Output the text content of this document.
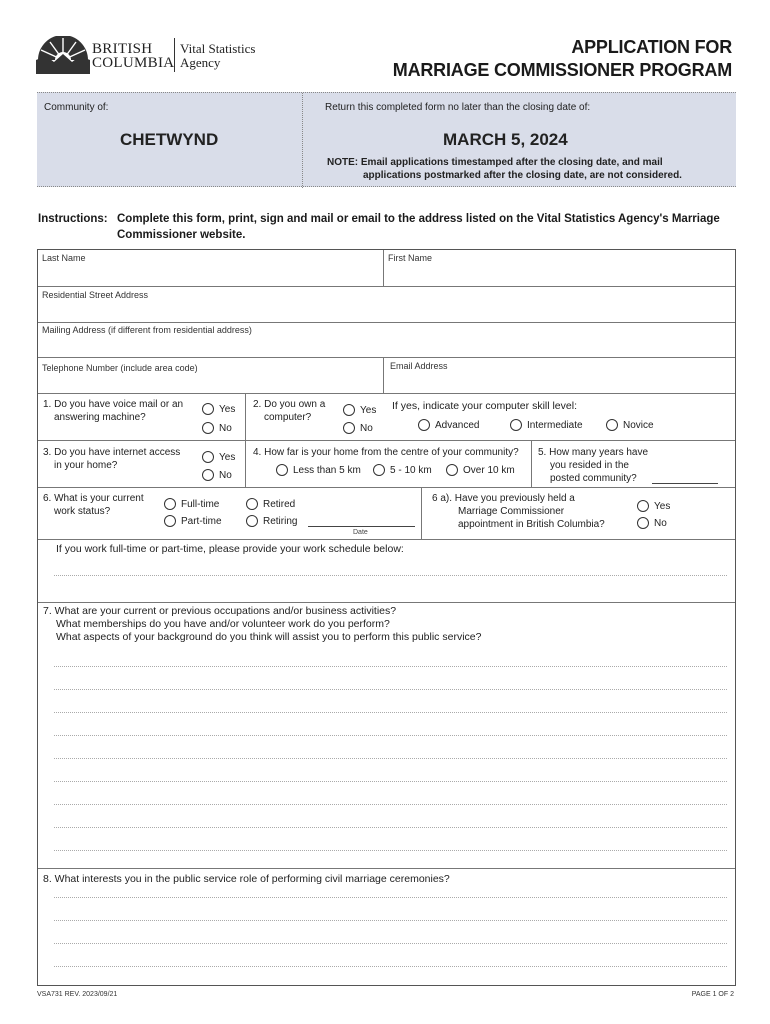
BRITISH
COLUMBIA
Vital Statistics
Agency
APPLICATION FOR
MARRIAGE COMMISSIONER PROGRAM
Community of:
CHETWYND
Return this completed form no later than the closing date of:
MARCH 5, 2024
NOTE: Email applications timestamped after the closing date, and mail
applications postmarked after the closing date, are not considered.
Instructions: Complete this form, print, sign and mail or email to the address listed on the Vital Statistics Agency's Marriage Commissioner website.
Last Name	First Name
Residential Street Address
Mailing Address (if different from residential address)
Telephone Number (include area code)	Email Address
1. Do you have voice mail or an
answering machine?
Yes
No
2. Do you own a
computer?
Yes
No
If yes, indicate your computer skill level:
Advanced	Intermediate	Novice
3. Do you have internet access
in your home?
Yes
No
4. How far is your home from the centre of your community?
Less than 5 km	5 - 10 km	Over 10 km
5. How many years have
you resided in the
posted community?
6. What is your current
work status?
Full-time
Part-time
Retired
Retiring
Date
6 a). Have you previously held a
Marriage Commissioner
appointment in British Columbia?
Yes
No
If you work full-time or part-time, please provide your work schedule below:
7. What are your current or previous occupations and/or business activities?
What memberships do you have and/or volunteer work do you perform?
What aspects of your background do you think will assist you to perform this public service?
8. What interests you in the public service role of performing civil marriage ceremonies?
VSA731 REV. 2023/09/21	PAGE 1 OF 2
